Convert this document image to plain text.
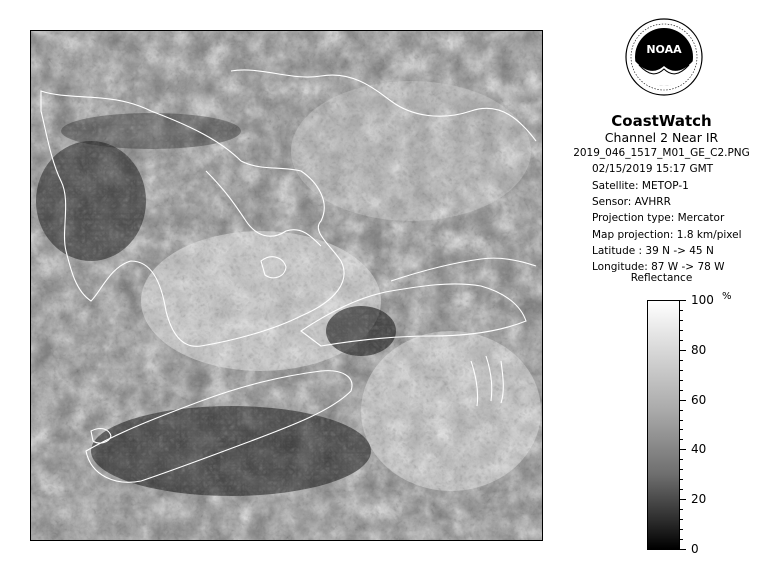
NOAA
CoastWatch
Channel 2 Near IR
2019_046_1517_M01_GE_C2.PNG
02/15/2019 15:17 GMT
Satellite: METOP-1
Sensor: AVHRR
Projection type: Mercator
Map projection: 1.8 km/pixel
Latitude : 39 N -> 45 N
Longitude: 87 W -> 78 W
Reflectance
%
100
80
60
40
20
0
